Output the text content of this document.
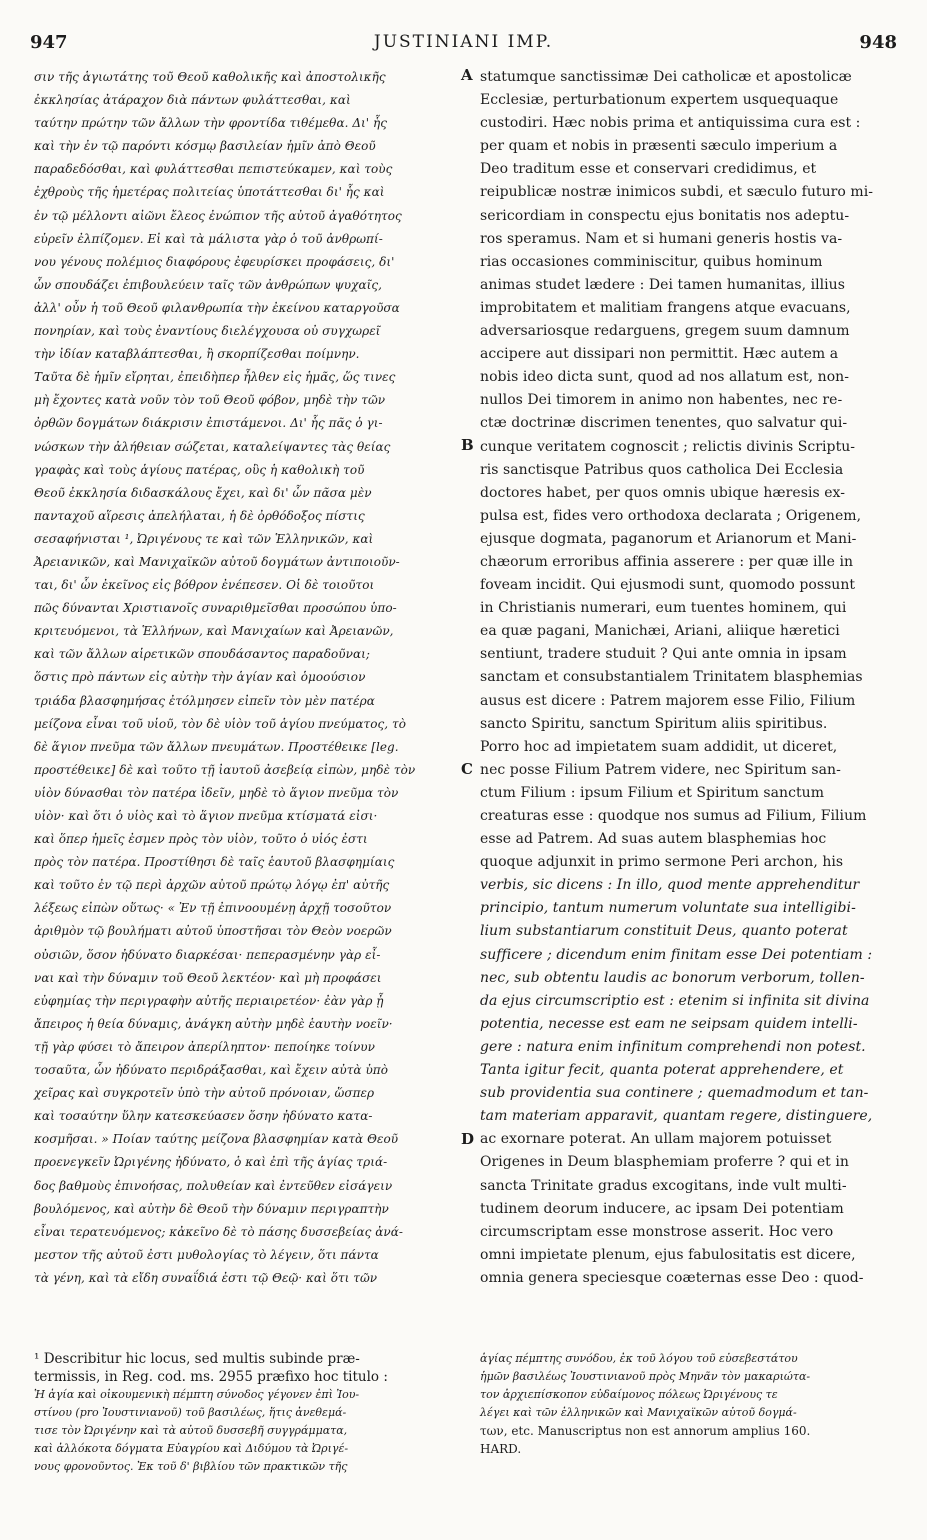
947	JUSTINIANI IMP.	948
σιν τῆς ἁγιωτάτης τοῦ Θεοῦ καθολικῆς καὶ ἀποστολικῆς
ἐκκλησίας ἀτάραχον διὰ πάντων φυλάττεσθαι, καὶ
ταύτην πρώτην τῶν ἄλλων τὴν φροντίδα τιθέμεθα. Δι' ἧς
καὶ τὴν ἐν τῷ παρόντι κόσμῳ βασιλείαν ἡμῖν ἀπὸ Θεοῦ
παραδεδόσθαι, καὶ φυλάττεσθαι πεπιστεύκαμεν, καὶ τοὺς
ἐχθροὺς τῆς ἡμετέρας πολιτείας ὑποτάττεσθαι δι' ἧς καὶ
ἐν τῷ μέλλοντι αἰῶνι ἔλεος ἐνώπιον τῆς αὐτοῦ ἀγαθότητος
εὑρεῖν ἐλπίζομεν. Εἰ καὶ τὰ μάλιστα γὰρ ὁ τοῦ ἀνθρωπί-
νου γένους πολέμιος διαφόρους ἐφευρίσκει προφάσεις, δι'
ὧν σπουδάζει ἐπιβουλεύειν ταῖς τῶν ἀνθρώπων ψυχαῖς,
ἀλλ' οὖν ἡ τοῦ Θεοῦ φιλανθρωπία τὴν ἐκείνου καταργοῦσα
πονηρίαν, καὶ τοὺς ἐναντίους διελέγχουσα οὐ συγχωρεῖ
τὴν ἰδίαν καταβλάπτεσθαι, ἢ σκορπίζεσθαι ποίμνην.
Ταῦτα δὲ ἡμῖν εἴρηται, ἐπειδὴπερ ἦλθεν εἰς ἡμᾶς, ὥς τινες
μὴ ἔχοντες κατὰ νοῦν τὸν τοῦ Θεοῦ φόβον, μηδὲ τὴν τῶν
ὀρθῶν δογμάτων διάκρισιν ἐπιστάμενοι. Δι' ἧς πᾶς ὁ γι-
νώσκων τὴν ἀλήθειαν σώζεται, καταλείψαντες τὰς θείας
γραφὰς καὶ τοὺς ἁγίους πατέρας, οὓς ἡ καθολικὴ τοῦ
Θεοῦ ἐκκλησία διδασκάλους ἔχει, καὶ δι' ὧν πᾶσα μὲν
πανταχοῦ αἵρεσις ἀπελήλαται, ἡ δὲ ὀρθόδοξος πίστις
σεσαφήνισται ¹, Ὠριγένους τε καὶ τῶν Ἑλληνικῶν, καὶ
Ἀρειανικῶν, καὶ Μανιχαϊκῶν αὐτοῦ δογμάτων ἀντιποιοῦν-
ται, δι' ὧν ἐκεῖνος εἰς βόθρον ἐνέπεσεν. Οἱ δὲ τοιοῦτοι
πῶς δύνανται Χριστιανοῖς συναριθμεῖσθαι προσώπου ὑπο-
κριτευόμενοι, τὰ Ἑλλήνων, καὶ Μανιχαίων καὶ Ἀρειανῶν,
καὶ τῶν ἄλλων αἱρετικῶν σπουδάσαντος παραδοῦναι;
ὅστις πρὸ πάντων εἰς αὐτὴν τὴν ἁγίαν καὶ ὁμοούσιον
τριάδα βλασφημήσας ἐτόλμησεν εἰπεῖν τὸν μὲν πατέρα
μείζονα εἶναι τοῦ υἱοῦ, τὸν δὲ υἱὸν τοῦ ἁγίου πνεύματος, τὸ
δὲ ἅγιον πνεῦμα τῶν ἄλλων πνευμάτων. Προστέθεικε [leg.
προστέθεικε] δὲ καὶ τοῦτο τῇ ἰαυτοῦ ἀσεβείᾳ εἰπὼν, μηδὲ τὸν
υἱὸν δύνασθαι τὸν πατέρα ἰδεῖν, μηδὲ τὸ ἅγιον πνεῦμα τὸν
υἱὸν· καὶ ὅτι ὁ υἱὸς καὶ τὸ ἅγιον πνεῦμα κτίσματά εἰσι·
καὶ ὅπερ ἡμεῖς ἐσμεν πρὸς τὸν υἱὸν, τοῦτο ὁ υἱός ἐστι
πρὸς τὸν πατέρα. Προστίθησι δὲ ταῖς ἑαυτοῦ βλασφημίαις
καὶ τοῦτο ἐν τῷ περὶ ἀρχῶν αὐτοῦ πρώτῳ λόγῳ ἐπ' αὐτῆς
λέξεως εἰπὼν οὕτως· « Ἐν τῇ ἐπινοουμένῃ ἀρχῇ τοσοῦτον
ἀριθμὸν τῷ βουλήματι αὐτοῦ ὑποστῆσαι τὸν Θεὸν νοερῶν
οὐσιῶν, ὅσον ἠδύνατο διαρκέσαι· πεπερασμένην γὰρ εἶ-
ναι καὶ τὴν δύναμιν τοῦ Θεοῦ λεκτέον· καὶ μὴ προφάσει
εὐφημίας τὴν περιγραφὴν αὐτῆς περιαιρετέον· ἐὰν γὰρ ᾖ
ἄπειρος ἡ θεία δύναμις, ἀνάγκη αὐτὴν μηδὲ ἑαυτὴν νοεῖν·
τῇ γὰρ φύσει τὸ ἄπειρον ἀπερίληπτον· πεποίηκε τοίνυν
τοσαῦτα, ὧν ἠδύνατο περιδράξασθαι, καὶ ἔχειν αὐτὰ ὑπὸ
χεῖρας καὶ συγκροτεῖν ὑπὸ τὴν αὐτοῦ πρόνοιαν, ὥσπερ
καὶ τοσαύτην ὕλην κατεσκεύασεν ὅσην ἠδύνατο κατα-
κοσμῆσαι. » Ποίαν ταύτης μείζονα βλασφημίαν κατὰ Θεοῦ
προενεγκεῖν Ὠριγένης ἠδύνατο, ὁ καὶ ἐπὶ τῆς ἁγίας τριά-
δος βαθμοὺς ἐπινοήσας, πολυθείαν καὶ ἐντεῦθεν εἰσάγειν
βουλόμενος, καὶ αὐτὴν δὲ Θεοῦ τὴν δύναμιν περιγραπτὴν
εἶναι τερατευόμενος; κἀκεῖνο δὲ τὸ πάσης δυσσεβείας ἀνά-
μεστον τῆς αὐτοῦ ἐστι μυθολογίας τὸ λέγειν, ὅτι πάντα
τὰ γένη, καὶ τὰ εἴδη συναΐδιά ἐστι τῷ Θεῷ· καὶ ὅτι τῶν
statumque sanctissimæ Dei catholicæ et apostolicæ
Ecclesiæ, perturbationum expertem usquequaque
custodiri. Hæc nobis prima et antiquissima cura est :
per quam et nobis in præsenti sæculo imperium a
Deo traditum esse et conservari credidimus, et
reipublicæ nostræ inimicos subdi, et sæculo futuro mi-
sericordiam in conspectu ejus bonitatis nos adeptu-
ros speramus. Nam et si humani generis hostis va-
rias occasiones comminiscitur, quibus hominum
animas studet lædere : Dei tamen humanitas, illius
improbitatem et malitiam frangens atque evacuans,
adversariosque redarguens, gregem suum damnum
accipere aut dissipari non permittit. Hæc autem a
nobis ideo dicta sunt, quod ad nos allatum est, non-
nullos Dei timorem in animo non habentes, nec re-
ctæ doctrinæ discrimen tenentes, quo salvatur qui-
cunque veritatem cognoscit ; relictis divinis Scriptu-
ris sanctisque Patribus quos catholica Dei Ecclesia
doctores habet, per quos omnis ubique hæresis ex-
pulsa est, fides vero orthodoxa declarata ; Origenem,
ejusque dogmata, paganorum et Arianorum et Mani-
chæorum erroribus affinia asserere : per quæ ille in
foveam incidit. Qui ejusmodi sunt, quomodo possunt
in Christianis numerari, eum tuentes hominem, qui
ea quæ pagani, Manichæi, Ariani, aliique hæretici
sentiunt, tradere studuit ? Qui ante omnia in ipsam
sanctam et consubstantialem Trinitatem blasphemias
ausus est dicere : Patrem majorem esse Filio, Filium
sancto Spiritu, sanctum Spiritum aliis spiritibus.
Porro hoc ad impietatem suam addidit, ut diceret,
nec posse Filium Patrem videre, nec Spiritum san-
ctum Filium : ipsum Filium et Spiritum sanctum
creaturas esse : quodque nos sumus ad Filium, Filium
esse ad Patrem. Ad suas autem blasphemias hoc
quoque adjunxit in primo sermone Peri archon, his
verbis, sic dicens : In illo, quod mente apprehenditur
principio, tantum numerum voluntate sua intelligibi-
lium substantiarum constituit Deus, quanto poterat
sufficere ; dicendum enim finitam esse Dei potentiam :
nec, sub obtentu laudis ac bonorum verborum, tollen-
da ejus circumscriptio est : etenim si infinita sit divina
potentia, necesse est eam ne seipsam quidem intelli-
gere : natura enim infinitum comprehendi non potest.
Tanta igitur fecit, quanta poterat apprehendere, et
sub providentia sua continere ; quemadmodum et tan-
tam materiam apparavit, quantam regere, distinguere,
ac exornare poterat. An ullam majorem potuisset
Origenes in Deum blasphemiam proferre ? qui et in
sancta Trinitate gradus excogitans, inde vult multi-
tudinem deorum inducere, ac ipsam Dei potentiam
circumscriptam esse monstrose asserit. Hoc vero
omni impietate plenum, ejus fabulositatis est dicere,
omnia genera speciesque coæternas esse Deo : quod-
A
B
C
D
¹ Describitur hic locus, sed multis subinde præ-
termissis, in Reg. cod. ms. 2955 præfixo hoc titulo :
Ἡ ἁγία καὶ οἰκουμενικὴ πέμπτη σύνοδος γέγονεν ἐπὶ Ἰου-
στίνου (pro Ἰουστινιανοῦ) τοῦ βασιλέως, ἥτις ἀνεθεμά-
τισε τὸν Ὠριγένην καὶ τὰ αὐτοῦ δυσσεβῆ συγγράμματα,
καὶ ἀλλόκοτα δόγματα Εὐαγρίου καὶ Διδύμου τὰ Ὠριγέ-
νους φρονοῦντος. Ἐκ τοῦ δ' βιβλίου τῶν πρακτικῶν τῆς
ἁγίας πέμπτης συνόδου, ἐκ τοῦ λόγου τοῦ εὐσεβεστάτου
ἡμῶν βασιλέως Ἰουστινιανοῦ πρὸς Μηνᾶν τὸν μακαριώτα-
τον ἀρχιεπίσκοπον εὐδαίμονος πόλεως Ὠριγένους τε
λέγει καὶ τῶν ἑλληνικῶν καὶ Μανιχαϊκῶν αὐτοῦ δογμά-
των, etc. Manuscriptus non est annorum amplius 160.
HARD.
